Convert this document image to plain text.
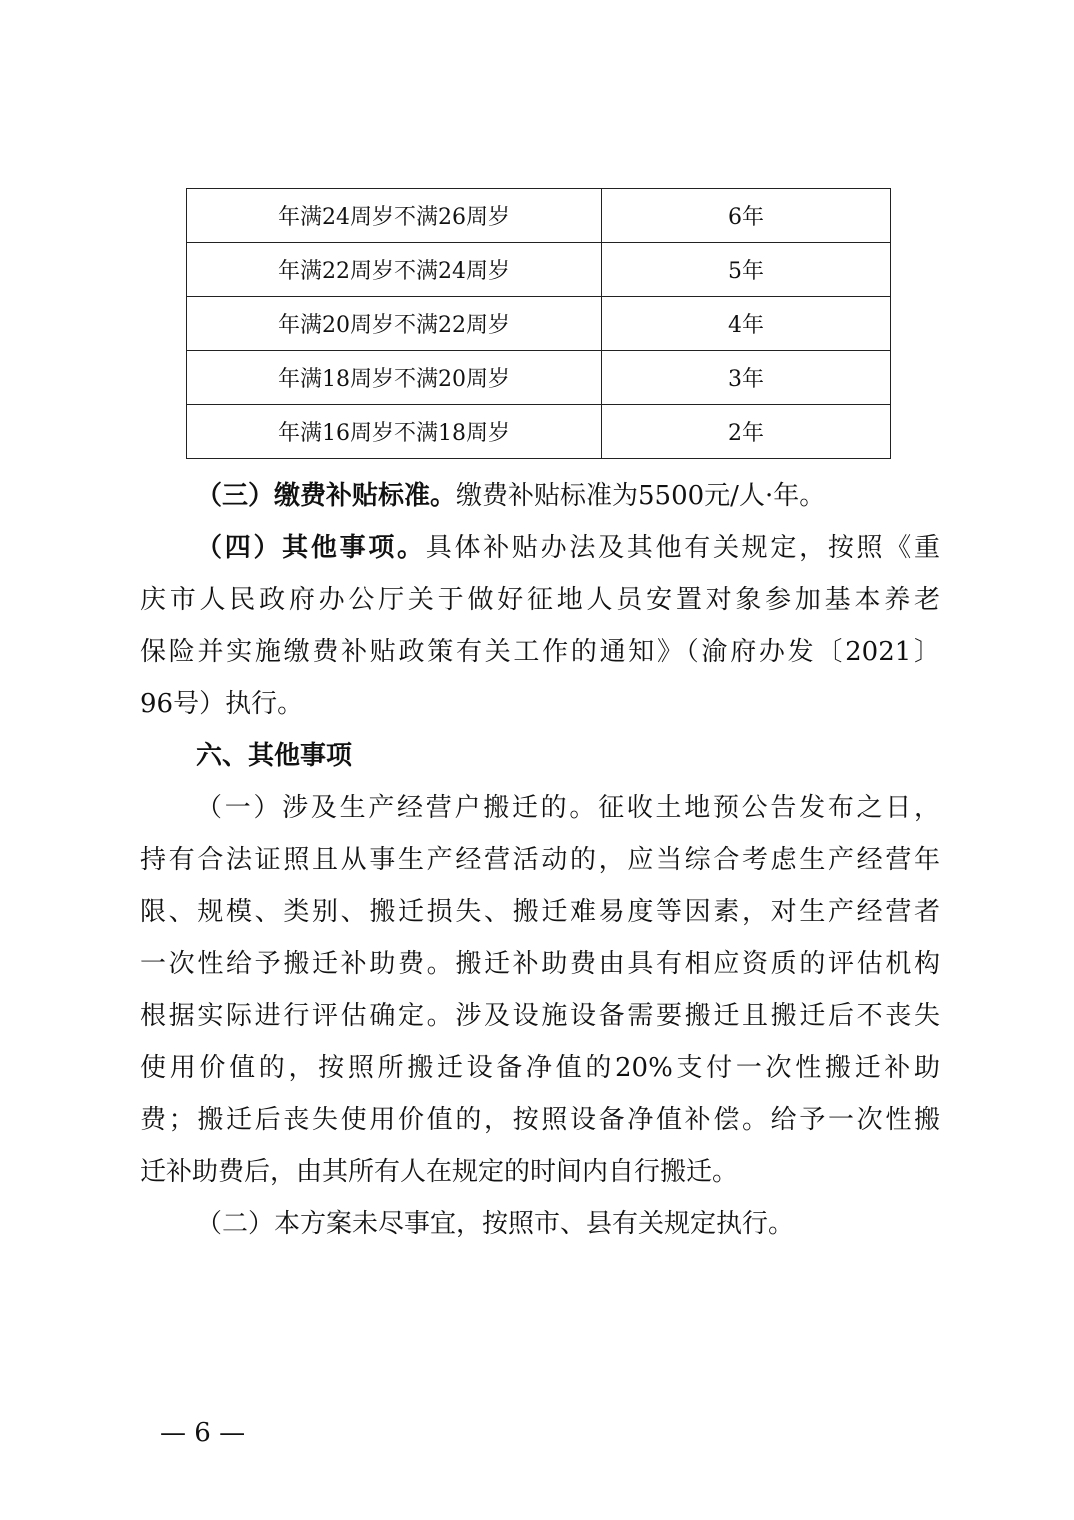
年满24周岁不满26周岁	6年
年满22周岁不满24周岁	5年
年满20周岁不满22周岁	4年
年满18周岁不满20周岁	3年
年满16周岁不满18周岁	2年
（三）缴费补贴标准。缴费补贴标准为5500元/人·年。
（四）其他事项。具体补贴办法及其他有关规定，按照《重
庆市人民政府办公厅关于做好征地人员安置对象参加基本养老
保险并实施缴费补贴政策有关工作的通知》（渝府办发〔2021〕
96号）执行。
六、其他事项
（一）涉及生产经营户搬迁的。征收土地预公告发布之日，
持有合法证照且从事生产经营活动的，应当综合考虑生产经营年
限、规模、类别、搬迁损失、搬迁难易度等因素，对生产经营者
一次性给予搬迁补助费。搬迁补助费由具有相应资质的评估机构
根据实际进行评估确定。涉及设施设备需要搬迁且搬迁后不丧失
使用价值的，按照所搬迁设备净值的20%支付一次性搬迁补助
费；搬迁后丧失使用价值的，按照设备净值补偿。给予一次性搬
迁补助费后，由其所有人在规定的时间内自行搬迁。
（二）本方案未尽事宜，按照市、县有关规定执行。
— 6 —
